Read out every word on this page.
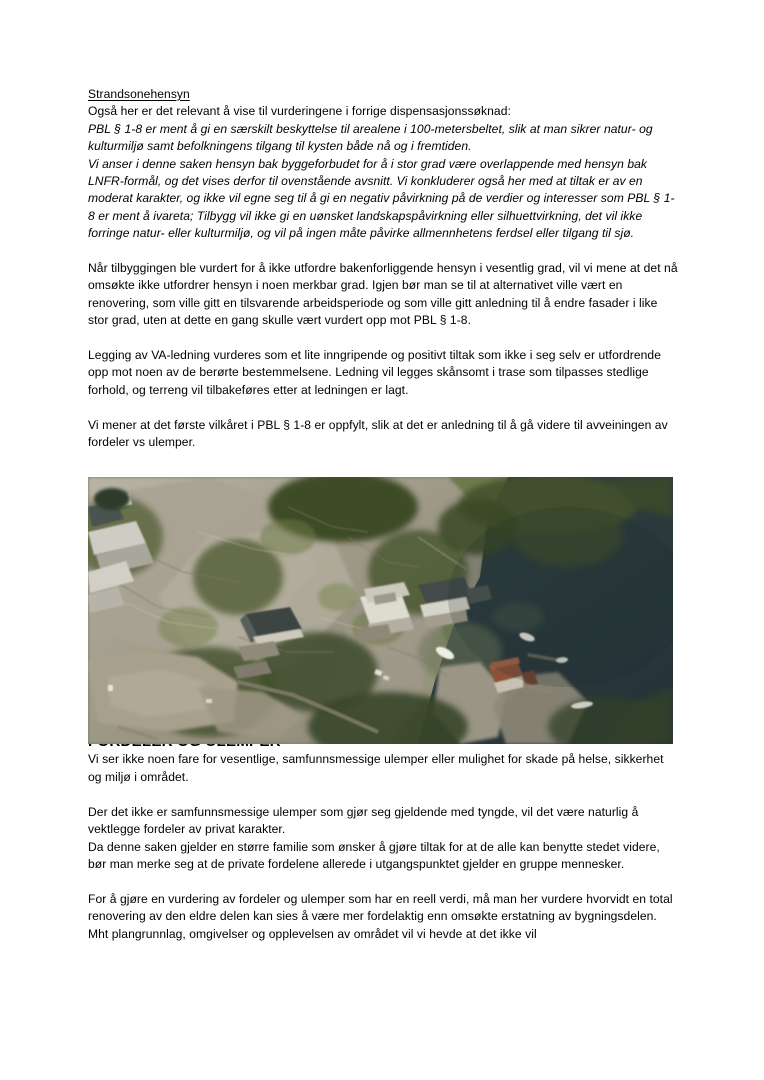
Strandsonehensyn

Også her er det relevant å vise til vurderingene i forrige dispensasjonssøknad:

PBL § 1-8 er ment å gi en særskilt beskyttelse til arealene i 100-metersbeltet, slik at man sikrer natur- og kulturmiljø samt befolkningens tilgang til kysten både nå og i fremtiden.

Vi anser i denne saken hensyn bak byggeforbudet for å i stor grad være overlappende med hensyn bak LNFR-formål, og det vises derfor til ovenstående avsnitt. Vi konkluderer også her med at tiltak er av en moderat karakter, og ikke vil egne seg til å gi en negativ påvirkning på de verdier og interesser som PBL § 1-8 er ment å ivareta; Tilbygg vil ikke gi en uønsket landskapspåvirkning eller silhuettvirkning, det vil ikke forringe natur- eller kulturmiljø, og vil på ingen måte påvirke allmennhetens ferdsel eller tilgang til sjø.

Når tilbyggingen ble vurdert for å ikke utfordre bakenforliggende hensyn i vesentlig grad, vil vi mene at det nå omsøkte ikke utfordrer hensyn i noen merkbar grad. Igjen bør man se til at alternativet ville vært en renovering, som ville gitt en tilsvarende arbeidsperiode og som ville gitt anledning til å endre fasader i like stor grad, uten at dette en gang skulle vært vurdert opp mot PBL § 1-8.

Legging av VA-ledning vurderes som et lite inngripende og positivt tiltak som ikke i seg selv er utfordrende opp mot noen av de berørte bestemmelsene. Ledning vil legges skånsomt i trase som tilpasses stedlige forhold, og terreng vil tilbakeføres etter at ledningen er lagt.

Vi mener at det første vilkåret i PBL § 1-8 er oppfylt, slik at det er anledning til å gå videre til avveiningen av fordeler vs ulemper.

Vi ser ikke noen fare for vesentlige, samfunnsmessige ulemper eller mulighet for skade på helse, sikkerhet og miljø i området.

Der det ikke er samfunnsmessige ulemper som gjør seg gjeldende med tyngde, vil det være naturlig å vektlegge fordeler av privat karakter.

Da denne saken gjelder en større familie som ønsker å gjøre tiltak for at de alle kan benytte stedet videre, bør man merke seg at de private fordelene allerede i utgangspunktet gjelder en gruppe mennesker.

For å gjøre en vurdering av fordeler og ulemper som har en reell verdi, må man her vurdere hvorvidt en total renovering av den eldre delen kan sies å være mer fordelaktig enn omsøkte erstatning av bygningsdelen. Mht plangrunnlag, omgivelser og opplevelsen av området vil vi hevde at det ikke vil
